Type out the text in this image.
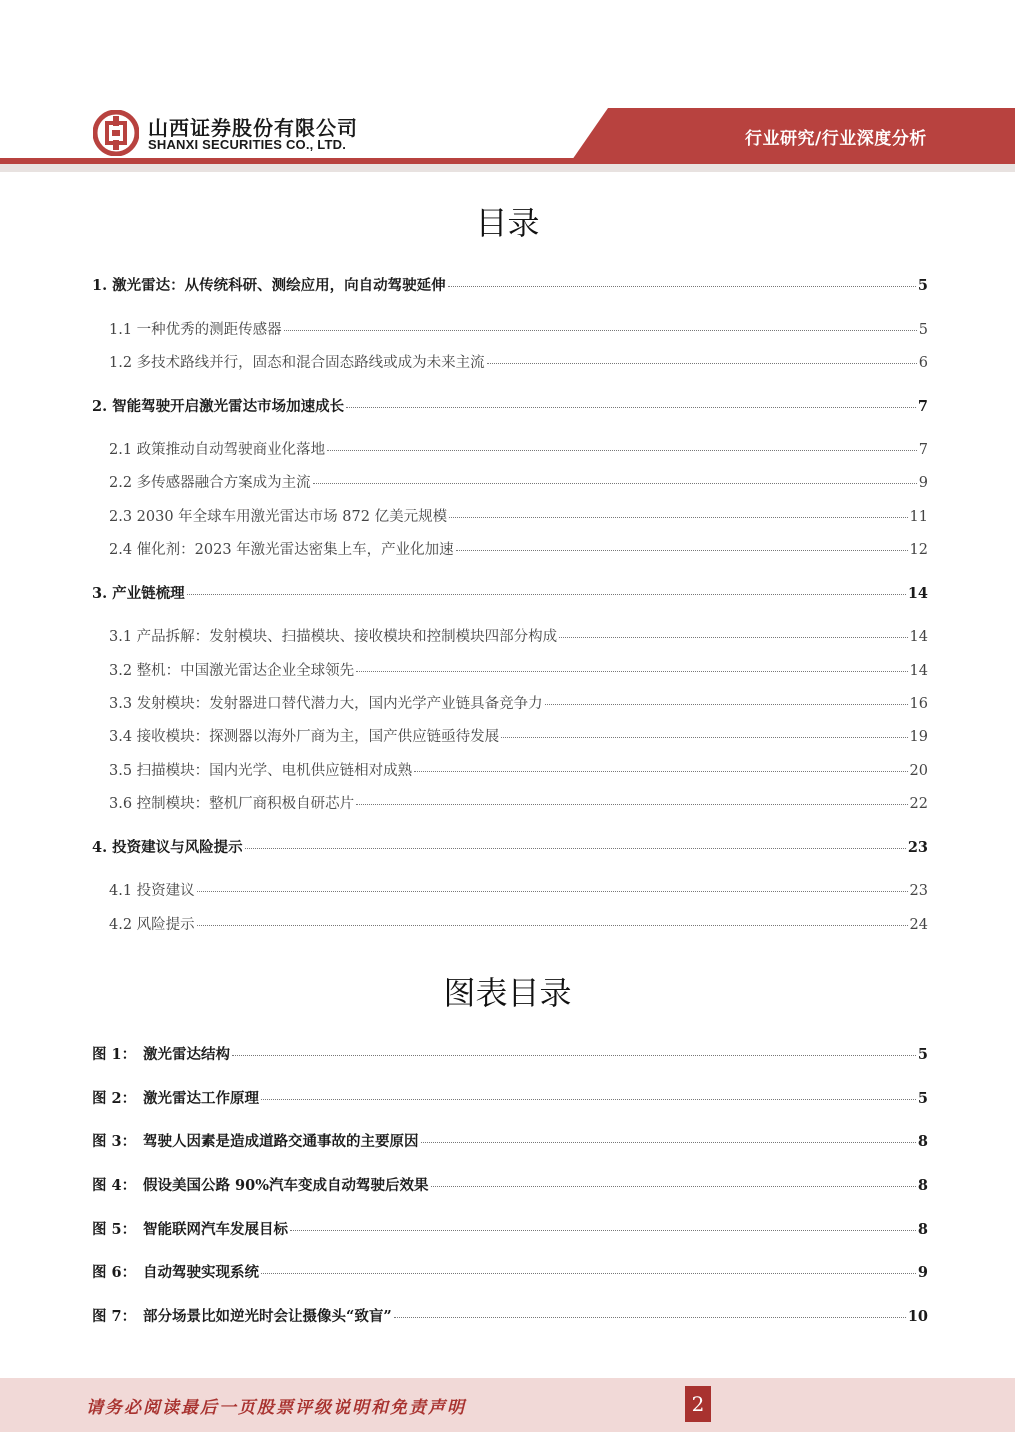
山西证券股份有限公司
SHANXI SECURITIES CO., LTD.	行业研究/行业深度分析
目录
1. 激光雷达：从传统科研、测绘应用，向自动驾驶延伸	5
1.1 一种优秀的测距传感器	5
1.2 多技术路线并行，固态和混合固态路线或成为未来主流	6
2. 智能驾驶开启激光雷达市场加速成长	7
2.1 政策推动自动驾驶商业化落地	7
2.2 多传感器融合方案成为主流	9
2.3 2030 年全球车用激光雷达市场 872 亿美元规模	11
2.4 催化剂：2023 年激光雷达密集上车，产业化加速	12
3. 产业链梳理	14
3.1 产品拆解：发射模块、扫描模块、接收模块和控制模块四部分构成	14
3.2 整机：中国激光雷达企业全球领先	14
3.3 发射模块：发射器进口替代潜力大，国内光学产业链具备竞争力	16
3.4 接收模块：探测器以海外厂商为主，国产供应链亟待发展	19
3.5 扫描模块：国内光学、电机供应链相对成熟	20
3.6 控制模块：整机厂商积极自研芯片	22
4. 投资建议与风险提示	23
4.1 投资建议	23
4.2 风险提示	24
图表目录
图 1： 激光雷达结构	5
图 2： 激光雷达工作原理	5
图 3： 驾驶人因素是造成道路交通事故的主要原因	8
图 4： 假设美国公路 90%汽车变成自动驾驶后效果	8
图 5： 智能联网汽车发展目标	8
图 6： 自动驾驶实现系统	9
图 7： 部分场景比如逆光时会让摄像头“致盲”	10
请务必阅读最后一页股票评级说明和免责声明	2
